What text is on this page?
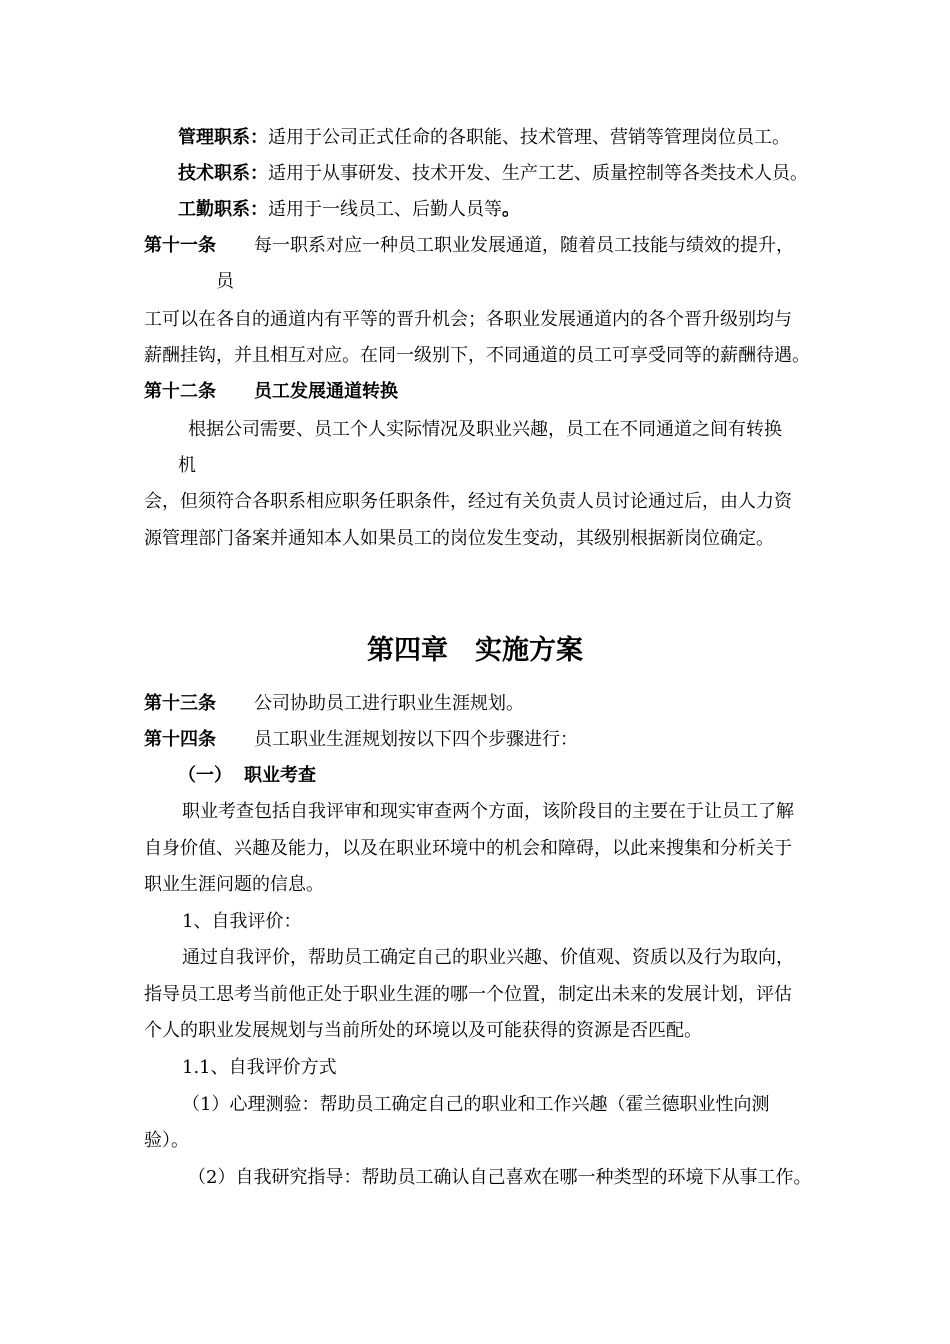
管理职系：适用于公司正式任命的各职能、技术管理、营销等管理岗位员工。
技术职系：适用于从事研发、技术开发、生产工艺、质量控制等各类技术人员。
工勤职系：适用于一线员工、后勤人员等。
第十一条 每一职系对应一种员工职业发展通道，随着员工技能与绩效的提升，
员
工可以在各自的通道内有平等的晋升机会；各职业发展通道内的各个晋升级别均与
薪酬挂钩，并且相互对应。在同一级别下，不同通道的员工可享受同等的薪酬待遇。
第十二条 员工发展通道转换
根据公司需要、员工个人实际情况及职业兴趣，员工在不同通道之间有转换
机
会，但须符合各职系相应职务任职条件，经过有关负责人员讨论通过后，由人力资
源管理部门备案并通知本人如果员工的岗位发生变动，其级别根据新岗位确定。
第四章　实施方案
第十三条 公司协助员工进行职业生涯规划。
第十四条 员工职业生涯规划按以下四个步骤进行：
（一） 职业考查
职业考查包括自我评审和现实审查两个方面，该阶段目的主要在于让员工了解
自身价值、兴趣及能力，以及在职业环境中的机会和障碍，以此来搜集和分析关于
职业生涯问题的信息。
1、自我评价：
通过自我评价，帮助员工确定自己的职业兴趣、价值观、资质以及行为取向，
指导员工思考当前他正处于职业生涯的哪一个位置，制定出未来的发展计划，评估
个人的职业发展规划与当前所处的环境以及可能获得的资源是否匹配。
1.1、自我评价方式
（1）心理测验：帮助员工确定自己的职业和工作兴趣（霍兰德职业性向测
验）。
（2）自我研究指导：帮助员工确认自己喜欢在哪一种类型的环境下从事工作。
